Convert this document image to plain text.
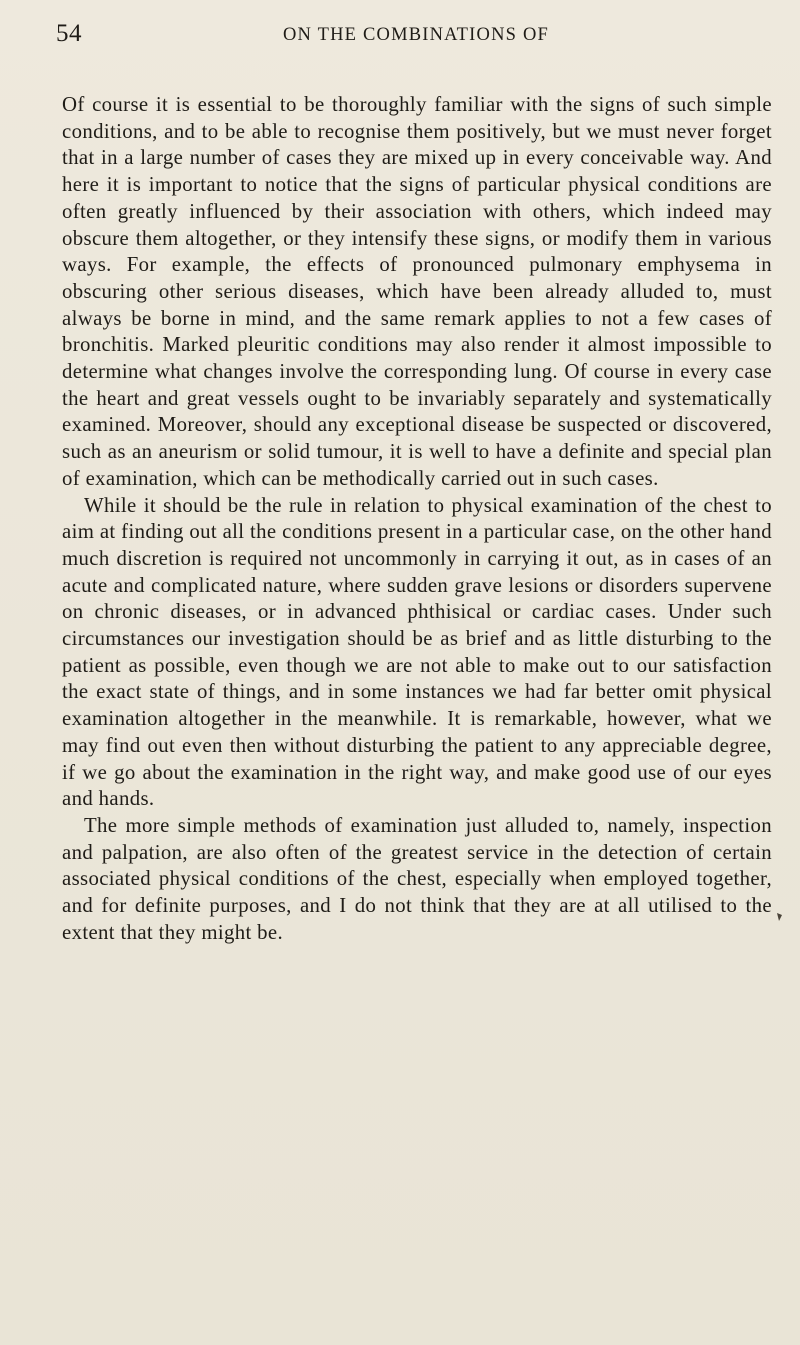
54	ON THE COMBINATIONS OF

Of course it is essential to be thoroughly familiar with the signs of such simple conditions, and to be able to recognise them positively, but we must never forget that in a large number of cases they are mixed up in every conceivable way. And here it is important to notice that the signs of particular physical conditions are often greatly influenced by their association with others, which indeed may obscure them altogether, or they intensify these signs, or modify them in various ways. For example, the effects of pronounced pulmonary emphysema in obscuring other serious diseases, which have been already alluded to, must always be borne in mind, and the same remark applies to not a few cases of bronchitis. Marked pleuritic conditions may also render it almost impossible to determine what changes involve the corresponding lung. Of course in every case the heart and great vessels ought to be invariably separately and systematically examined. Moreover, should any exceptional disease be suspected or discovered, such as an aneurism or solid tumour, it is well to have a definite and special plan of examination, which can be methodically carried out in such cases.

While it should be the rule in relation to physical examination of the chest to aim at finding out all the conditions present in a particular case, on the other hand much discretion is required not uncommonly in carrying it out, as in cases of an acute and complicated nature, where sudden grave lesions or disorders supervene on chronic diseases, or in advanced phthisical or cardiac cases. Under such circumstances our investigation should be as brief and as little disturbing to the patient as possible, even though we are not able to make out to our satisfaction the exact state of things, and in some instances we had far better omit physical examination altogether in the meanwhile. It is remarkable, however, what we may find out even then without disturbing the patient to any appreciable degree, if we go about the examination in the right way, and make good use of our eyes and hands.

The more simple methods of examination just alluded to, namely, inspection and palpation, are also often of the greatest service in the detection of certain associated physical conditions of the chest, especially when employed together, and for definite purposes, and I do not think that they are at all utilised to the extent that they might be.
